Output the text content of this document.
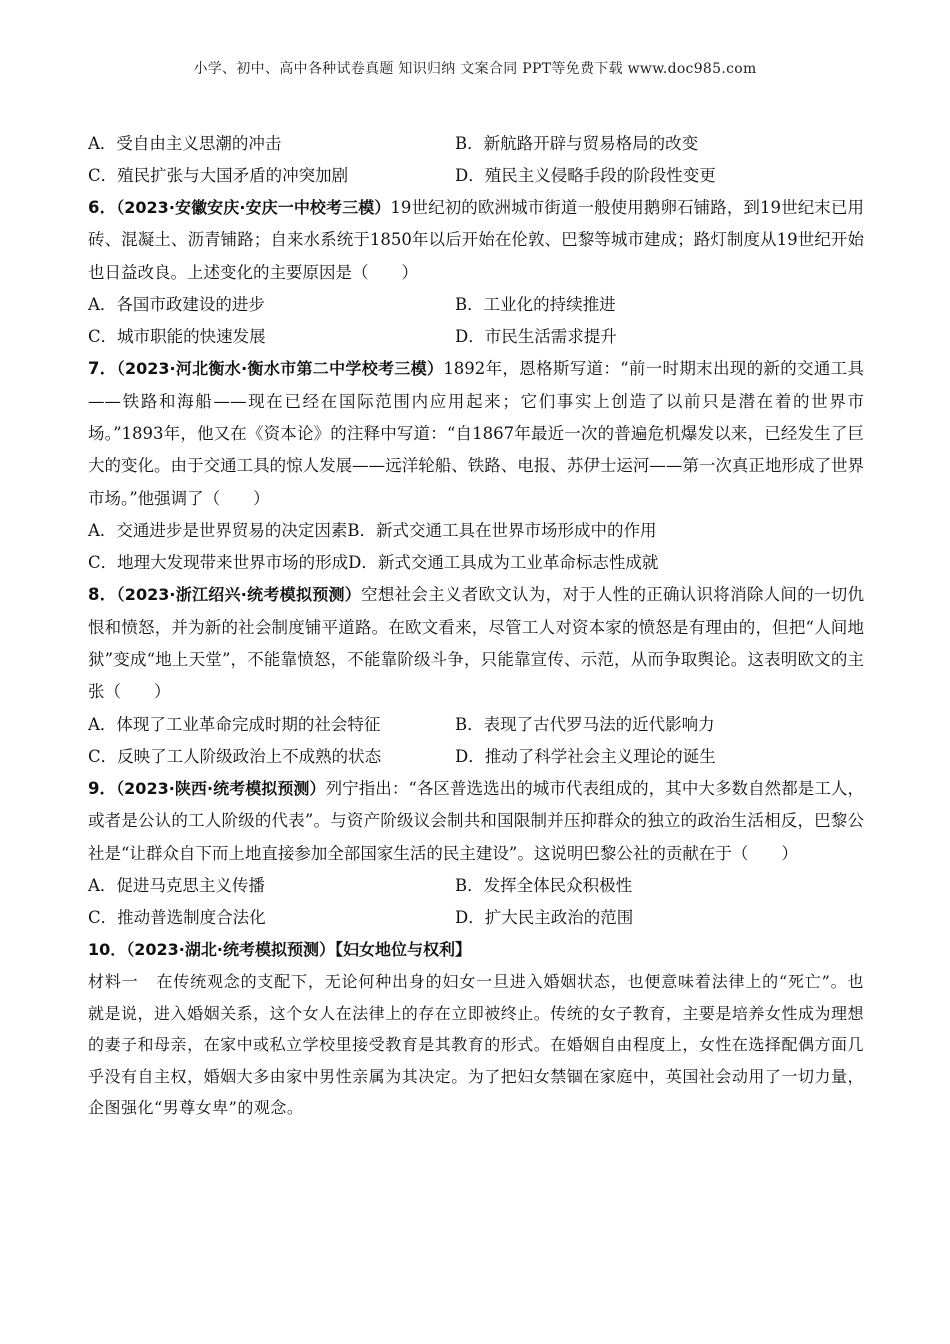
小学、初中、高中各种试卷真题 知识归纳 文案合同 PPT等免费下载 www.doc985.com
A．受自由主义思潮的冲击	B．新航路开辟与贸易格局的改变
C．殖民扩张与大国矛盾的冲突加剧	D．殖民主义侵略手段的阶段性变更
6．（2023·安徽安庆·安庆一中校考三模）19世纪初的欧洲城市街道一般使用鹅卵石铺路，到19世纪末已用砖、混凝土、沥青铺路；自来水系统于1850年以后开始在伦敦、巴黎等城市建成；路灯制度从19世纪开始也日益改良。上述变化的主要原因是（　　）
A．各国市政建设的进步	B．工业化的持续推进
C．城市职能的快速发展	D．市民生活需求提升
7．（2023·河北衡水·衡水市第二中学校考三模）1892年，恩格斯写道：“前一时期末出现的新的交通工具——铁路和海船——现在已经在国际范围内应用起来；它们事实上创造了以前只是潜在着的世界市场。”1893年，他又在《资本论》的注释中写道：“自1867年最近一次的普遍危机爆发以来，已经发生了巨大的变化。由于交通工具的惊人发展——远洋轮船、铁路、电报、苏伊士运河——第一次真正地形成了世界市场。”他强调了（　　）
A．交通进步是世界贸易的决定因素 B．新式交通工具在世界市场形成中的作用
C．地理大发现带来世界市场的形成 D．新式交通工具成为工业革命标志性成就
8．（2023·浙江绍兴·统考模拟预测）空想社会主义者欧文认为，对于人性的正确认识将消除人间的一切仇恨和愤怒，并为新的社会制度铺平道路。在欧文看来，尽管工人对资本家的愤怒是有理由的，但把“人间地狱”变成“地上天堂”，不能靠愤怒，不能靠阶级斗争，只能靠宣传、示范，从而争取舆论。这表明欧文的主张（　　）
A．体现了工业革命完成时期的社会特征	B．表现了古代罗马法的近代影响力
C．反映了工人阶级政治上不成熟的状态	D．推动了科学社会主义理论的诞生
9．（2023·陕西·统考模拟预测）列宁指出：“各区普选选出的城市代表组成的，其中大多数自然都是工人，或者是公认的工人阶级的代表”。与资产阶级议会制共和国限制并压抑群众的独立的政治生活相反，巴黎公社是“让群众自下而上地直接参加全部国家生活的民主建设”。这说明巴黎公社的贡献在于（　　）
A．促进马克思主义传播	B．发挥全体民众积极性
C．推动普选制度合法化	D．扩大民主政治的范围
10．（2023·湖北·统考模拟预测）【妇女地位与权利】
材料一 在传统观念的支配下，无论何种出身的妇女一旦进入婚姻状态，也便意味着法律上的“死亡”。也就是说，进入婚姻关系，这个女人在法律上的存在立即被终止。传统的女子教育，主要是培养女性成为理想的妻子和母亲，在家中或私立学校里接受教育是其教育的形式。在婚姻自由程度上，女性在选择配偶方面几乎没有自主权，婚姻大多由家中男性亲属为其决定。为了把妇女禁锢在家庭中，英国社会动用了一切力量，企图强化“男尊女卑”的观念。
